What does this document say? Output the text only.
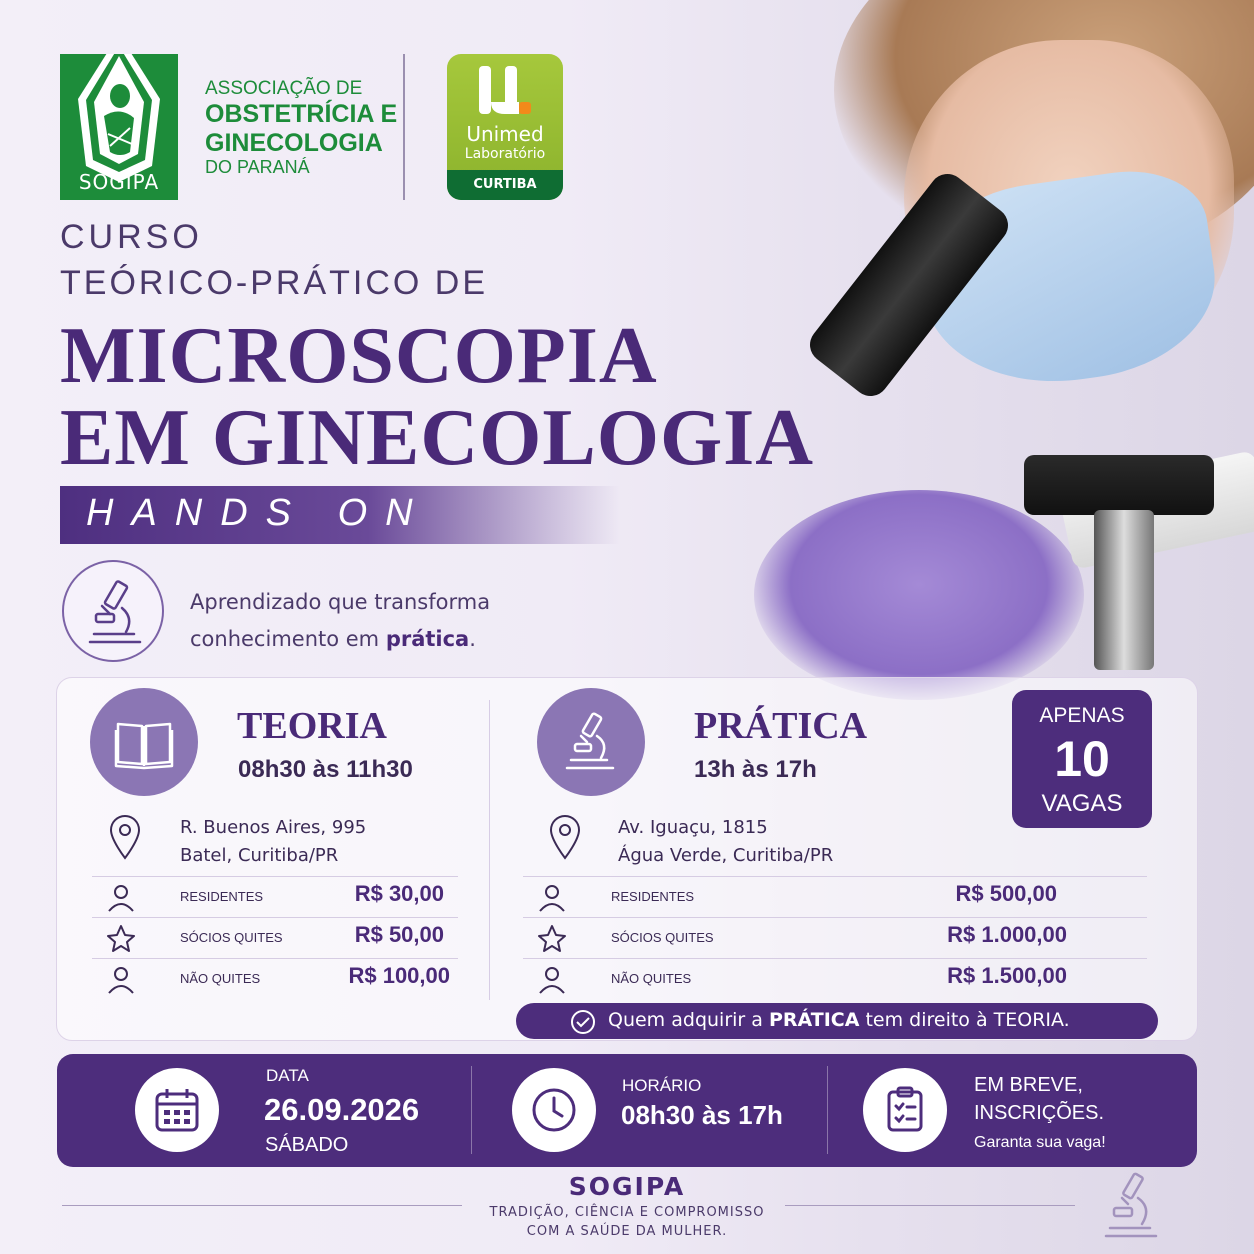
SOGIPA
ASSOCIAÇÃO DE
OBSTETRÍCIA E
GINECOLOGIA
DO PARANÁ
Unimed
Laboratório
CURTIBA
CURSO
TEÓRICO-PRÁTICO DE
MICROSCOPIA
EM GINECOLOGIA
HANDS ON
Aprendizado que transforma
conhecimento em prática.
TEORIA
08h30 às 11h30
R. Buenos Aires, 995
Batel, Curitiba/PR
RESIDENTES	R$ 30,00
SÓCIOS QUITES	R$ 50,00
NÃO QUITES	R$ 100,00
PRÁTICA
13h às 17h
Av. Iguaçu, 1815
Água Verde, Curitiba/PR
RESIDENTES	R$ 500,00
SÓCIOS QUITES	R$ 1.000,00
NÃO QUITES	R$ 1.500,00
APENAS
10
VAGAS
Quem adquirir a PRÁTICA tem direito à TEORIA.
DATA
26.09.2026
SÁBADO
HORÁRIO
08h30 às 17h
EM BREVE,
INSCRIÇÕES.
Garanta sua vaga!
SOGIPA
TRADIÇÃO, CIÊNCIA E COMPROMISSO
COM A SAÚDE DA MULHER.
